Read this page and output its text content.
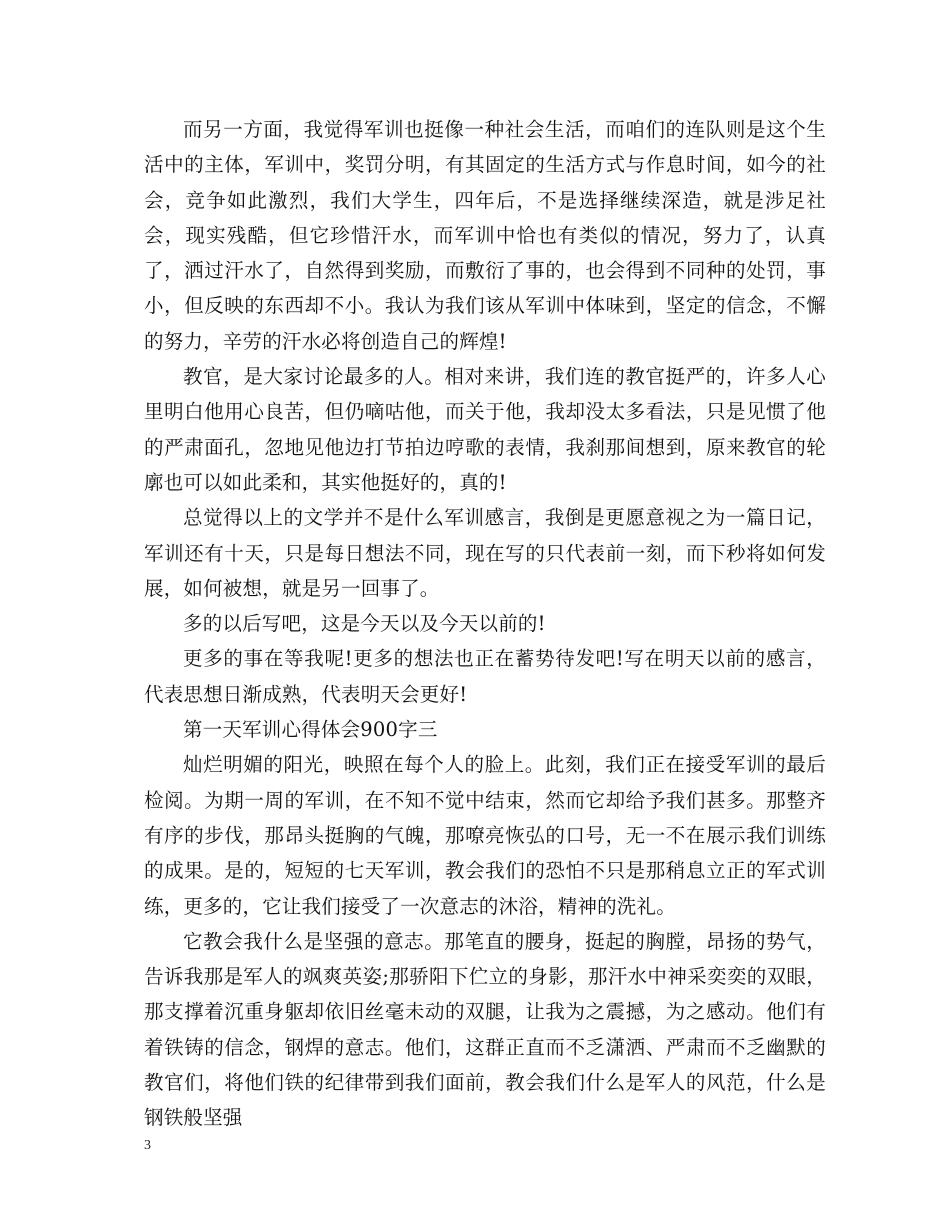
而另一方面，我觉得军训也挺像一种社会生活，而咱们的连队则是这个生活中的主体，军训中，奖罚分明，有其固定的生活方式与作息时间，如今的社会，竞争如此激烈，我们大学生，四年后，不是选择继续深造，就是涉足社会，现实残酷，但它珍惜汗水，而军训中恰也有类似的情况，努力了，认真了，洒过汗水了，自然得到奖励，而敷衍了事的，也会得到不同种的处罚，事小，但反映的东西却不小。我认为我们该从军训中体味到，坚定的信念，不懈的努力，辛劳的汗水必将创造自己的辉煌!

教官，是大家讨论最多的人。相对来讲，我们连的教官挺严的，许多人心里明白他用心良苦，但仍嘀咕他，而关于他，我却没太多看法，只是见惯了他的严肃面孔，忽地见他边打节拍边哼歌的表情，我刹那间想到，原来教官的轮廓也可以如此柔和，其实他挺好的，真的!

总觉得以上的文学并不是什么军训感言，我倒是更愿意视之为一篇日记，军训还有十天，只是每日想法不同，现在写的只代表前一刻，而下秒将如何发展，如何被想，就是另一回事了。

多的以后写吧，这是今天以及今天以前的!

更多的事在等我呢!更多的想法也正在蓄势待发吧!写在明天以前的感言，代表思想日渐成熟，代表明天会更好!

第一天军训心得体会900字三

灿烂明媚的阳光，映照在每个人的脸上。此刻，我们正在接受军训的最后检阅。为期一周的军训，在不知不觉中结束，然而它却给予我们甚多。那整齐有序的步伐，那昂头挺胸的气魄，那嘹亮恢弘的口号，无一不在展示我们训练的成果。是的，短短的七天军训，教会我们的恐怕不只是那稍息立正的军式训练，更多的，它让我们接受了一次意志的沐浴，精神的洗礼。

它教会我什么是坚强的意志。那笔直的腰身，挺起的胸膛，昂扬的势气，告诉我那是军人的飒爽英姿;那骄阳下伫立的身影，那汗水中神采奕奕的双眼，那支撑着沉重身躯却依旧丝毫未动的双腿，让我为之震撼，为之感动。他们有着铁铸的信念，钢焊的意志。他们，这群正直而不乏潇洒、严肃而不乏幽默的教官们，将他们铁的纪律带到我们面前，教会我们什么是军人的风范，什么是钢铁般坚强

3
